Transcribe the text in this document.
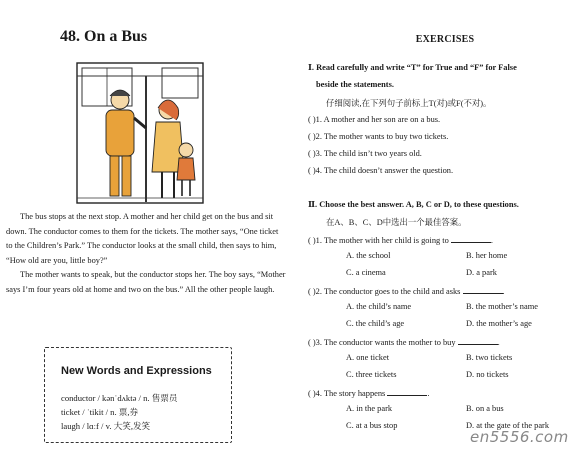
48. On a Bus

The bus stops at the next stop. A mother and her child get on the bus and sit down. The conductor comes to them for the tickets. The mother says, “One ticket to the Children’s Park.” The conductor looks at the small child, then says to him, “How old are you, little boy?”

The mother wants to speak, but the conductor stops her. The boy says, “Mother says I’m four years old at home and two on the bus.” All the other people laugh.

New Words and Expressions
conductor / kənˈdʌktə / n. 售票员
ticket / ˈtikit / n. 票,券
laugh / lɑːf / v. 大笑,发笑
EXERCISES
Ⅰ. Read carefully and write “T” for True and “F” for False
beside the statements.
仔细阅读,在下列句子前标上T(对)或F(不对)。
( )1. A mother and her son are on a bus.
( )2. The mother wants to buy two tickets.
( )3. The child isn’t two years old.
( )4. The child doesn’t answer the question.
Ⅱ. Choose the best answer. A, B, C or D, to these questions.
在A、B、C、D中选出一个最佳答案。
( )1. The mother with her child is going to	.
A. the school	B. her home
C. a cinema	D. a park
( )2. The conductor goes to the child and asks	.
A. the child’s name	B. the mother’s name
C. the child’s age	D. the mother’s age
( )3. The conductor wants the mother to buy	.
A. one ticket	B. two tickets
C. three tickets	D. no tickets
( )4. The story happens	.
A. in the park	B. on a bus
C. at a bus stop	D. at the gate of the park
en5556.com
